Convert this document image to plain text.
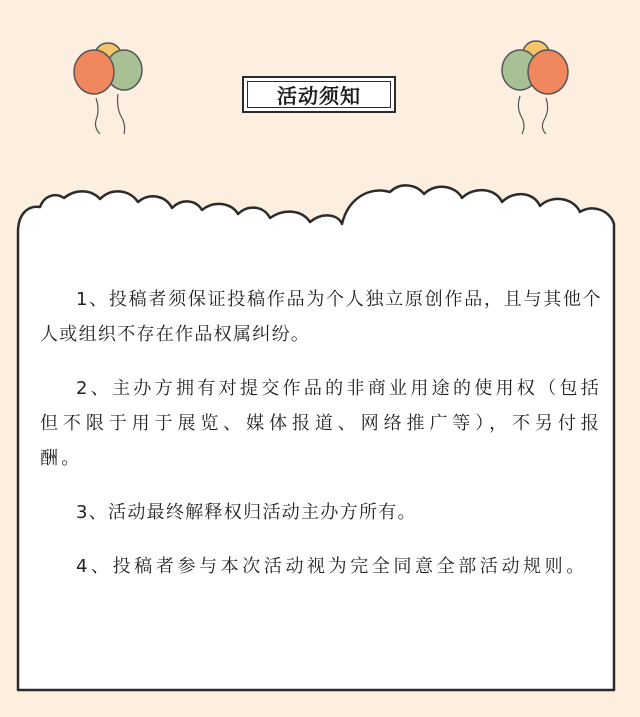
活动须知

1、投稿者须保证投稿作品为个人独立原创作品，且与其他个人或组织不存在作品权属纠纷。

2、主办方拥有对提交作品的非商业用途的使用权（包括但不限于用于展览、媒体报道、网络推广等），不另付报酬。

3、活动最终解释权归活动主办方所有。

4、投稿者参与本次活动视为完全同意全部活动规则。
